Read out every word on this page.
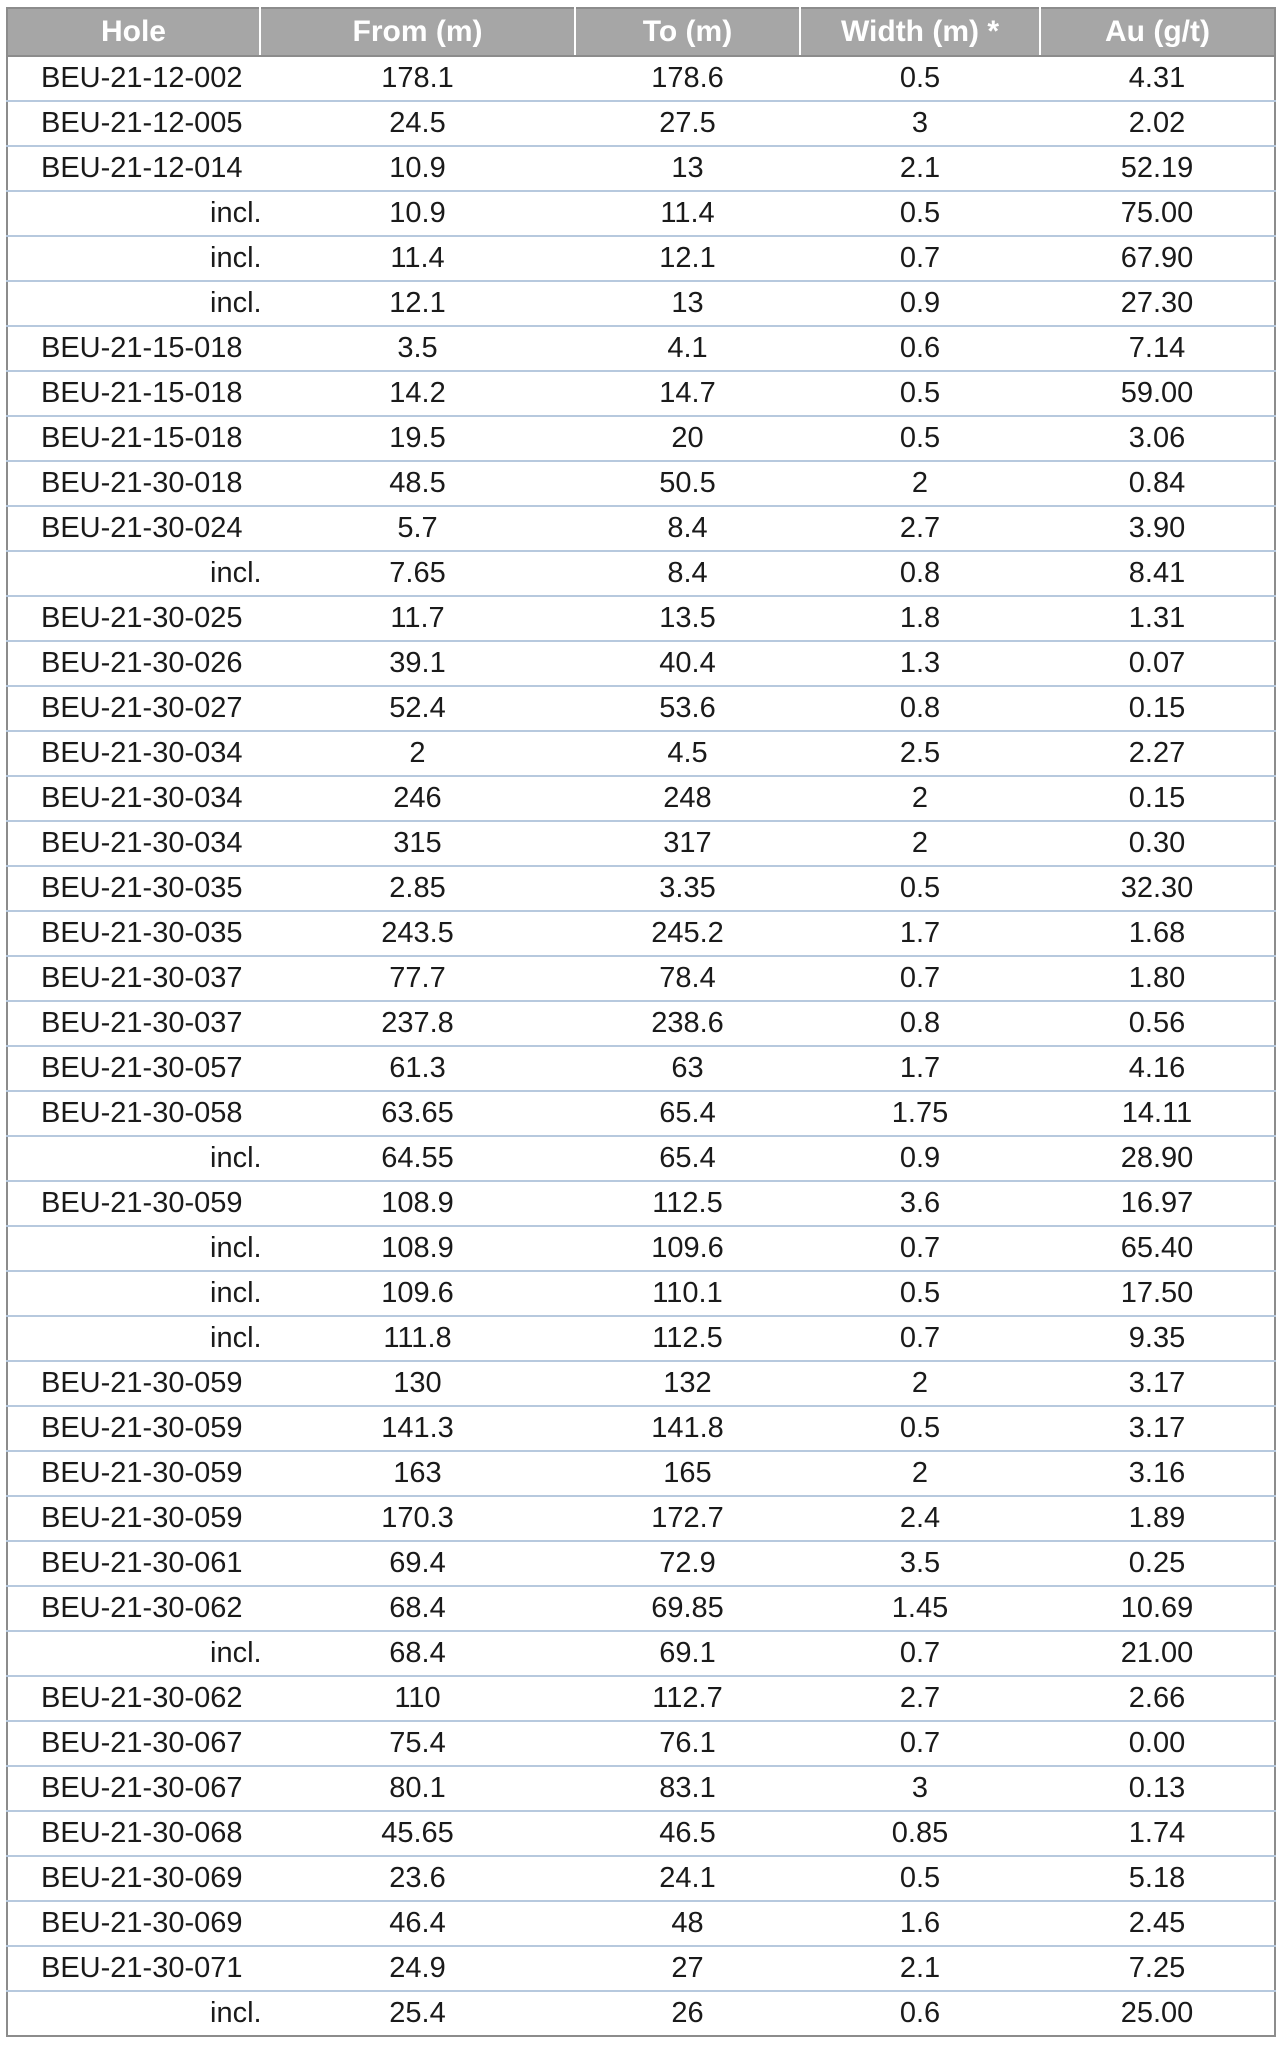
Hole	From (m)	To (m)	Width (m) *	Au (g/t)
BEU-21-12-002	178.1	178.6	0.5	4.31
BEU-21-12-005	24.5	27.5	3	2.02
BEU-21-12-014	10.9	13	2.1	52.19
incl.	10.9	11.4	0.5	75.00
incl.	11.4	12.1	0.7	67.90
incl.	12.1	13	0.9	27.30
BEU-21-15-018	3.5	4.1	0.6	7.14
BEU-21-15-018	14.2	14.7	0.5	59.00
BEU-21-15-018	19.5	20	0.5	3.06
BEU-21-30-018	48.5	50.5	2	0.84
BEU-21-30-024	5.7	8.4	2.7	3.90
incl.	7.65	8.4	0.8	8.41
BEU-21-30-025	11.7	13.5	1.8	1.31
BEU-21-30-026	39.1	40.4	1.3	0.07
BEU-21-30-027	52.4	53.6	0.8	0.15
BEU-21-30-034	2	4.5	2.5	2.27
BEU-21-30-034	246	248	2	0.15
BEU-21-30-034	315	317	2	0.30
BEU-21-30-035	2.85	3.35	0.5	32.30
BEU-21-30-035	243.5	245.2	1.7	1.68
BEU-21-30-037	77.7	78.4	0.7	1.80
BEU-21-30-037	237.8	238.6	0.8	0.56
BEU-21-30-057	61.3	63	1.7	4.16
BEU-21-30-058	63.65	65.4	1.75	14.11
incl.	64.55	65.4	0.9	28.90
BEU-21-30-059	108.9	112.5	3.6	16.97
incl.	108.9	109.6	0.7	65.40
incl.	109.6	110.1	0.5	17.50
incl.	111.8	112.5	0.7	9.35
BEU-21-30-059	130	132	2	3.17
BEU-21-30-059	141.3	141.8	0.5	3.17
BEU-21-30-059	163	165	2	3.16
BEU-21-30-059	170.3	172.7	2.4	1.89
BEU-21-30-061	69.4	72.9	3.5	0.25
BEU-21-30-062	68.4	69.85	1.45	10.69
incl.	68.4	69.1	0.7	21.00
BEU-21-30-062	110	112.7	2.7	2.66
BEU-21-30-067	75.4	76.1	0.7	0.00
BEU-21-30-067	80.1	83.1	3	0.13
BEU-21-30-068	45.65	46.5	0.85	1.74
BEU-21-30-069	23.6	24.1	0.5	5.18
BEU-21-30-069	46.4	48	1.6	2.45
BEU-21-30-071	24.9	27	2.1	7.25
incl.	25.4	26	0.6	25.00
